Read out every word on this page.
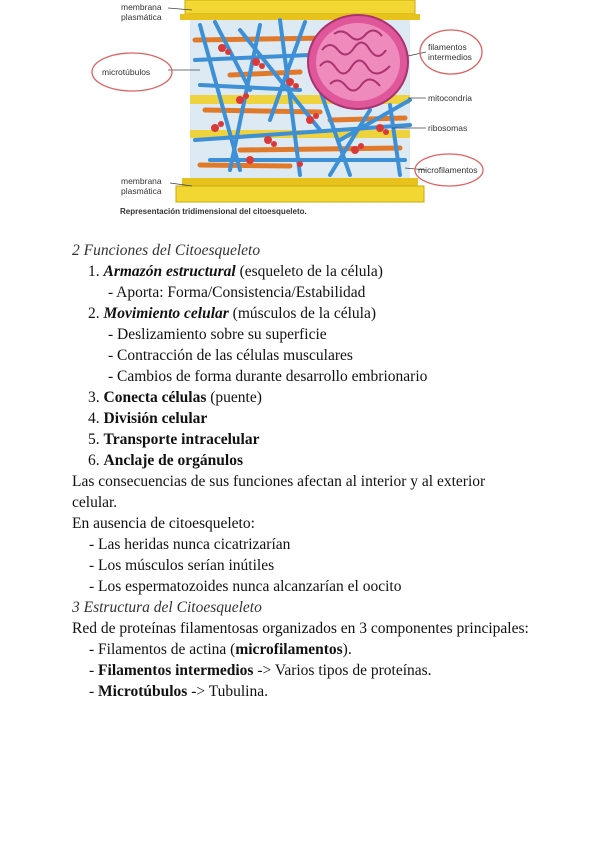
membrana plasmática
microtúbulos
filamentos intermedios
mitocondria
ribosomas
microfilamentos
membrana plasmática
Representación tridimensional del citoesqueleto.
2 Funciones del Citoesqueleto
1. Armazón estructural (esqueleto de la célula)
- Aporta: Forma/Consistencia/Estabilidad
2. Movimiento celular (músculos de la célula)
- Deslizamiento sobre su superficie
- Contracción de las células musculares
- Cambios de forma durante desarrollo embrionario
3. Conecta células (puente)
4. División celular
5. Transporte intracelular
6. Anclaje de orgánulos
Las consecuencias de sus funciones afectan al interior y al exterior celular.
En ausencia de citoesqueleto:
- Las heridas nunca cicatrizarían
- Los músculos serían inútiles
- Los espermatozoides nunca alcanzarían el oocito
3 Estructura del Citoesqueleto
Red de proteínas filamentosas organizados en 3 componentes principales:
- Filamentos de actina (microfilamentos).
- Filamentos intermedios -> Varios tipos de proteínas.
- Microtúbulos -> Tubulina.
